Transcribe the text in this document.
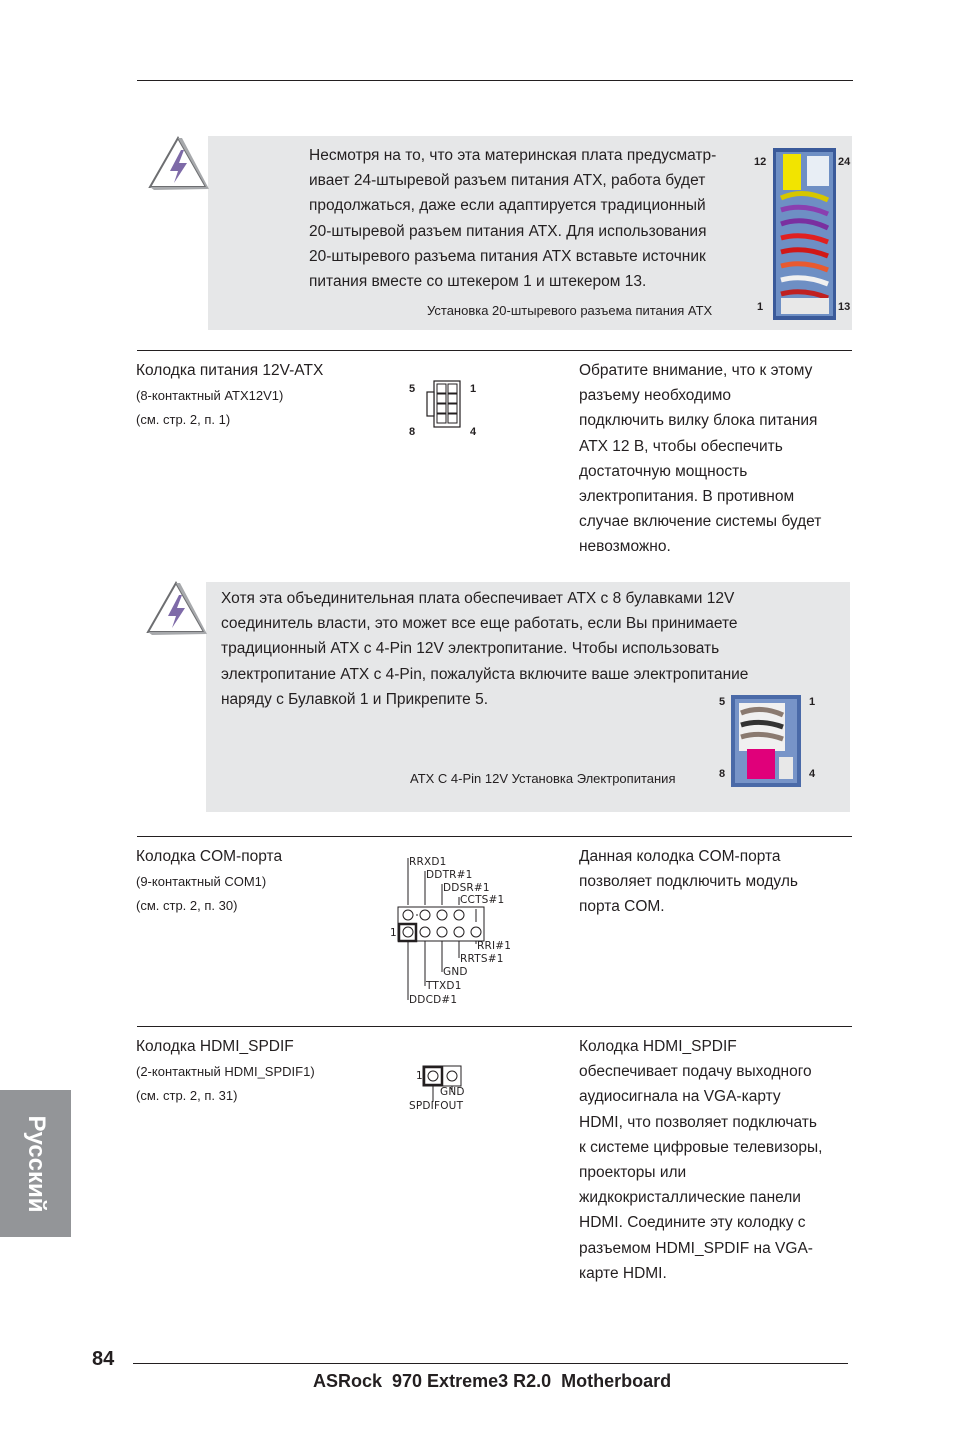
Несмотря на то, что эта материнская плата предусматр-

ивает 24-штыревой разъем питания ATX, работа будет

продолжаться, даже если адаптируется традиционный

20-штыревой разъем питания ATX. Для использования

20-штыревого разъема питания ATX вставьте источник

питания вместе со штекером 1 и штекером 13.

Установка 20-штыревого разъема питания ATX
12	24
1	13
Колодка питания 12V-ATX
(8-контактный ATX12V1)
(см. стр. 2, п. 1)
5	1
8	4
Обратите внимание, что к этому
разъему необходимо
подключить вилку блока питания
ATX 12 В, чтобы обеспечить
достаточную мощность
электропитания. В противном
случае включение системы будет
невозможно.

Хотя эта объединительная плата обеспечивает ATX с 8 булавками 12V

соединитель власти, это может все еще работать, если Вы принимаете

традиционный ATX с 4-Pin 12V электропитание. Чтобы использовать

электропитание ATX с 4-Pin, пожалуйста включите ваше электропитание

наряду с Булавкой 1 и Прикрепите 5.

ATX C 4-Pin 12V Установка Электропитания
5	1
8	4
Колодка COM-порта
(9-контактный COM1)
(см. стр. 2, п. 30)
RRXD1
DDTR#1
DDSR#1
CCTS#1
1
RRI#1
RRTS#1
GND
TTXD1
DDCD#1
Данная колодка COM-порта
позволяет подключить модуль
порта COM.
Колодка HDMI_SPDIF
(2-контактный HDMI_SPDIF1)
(см. стр. 2, п. 31)
1
GND
SPDIFOUT
Колодка HDMI_SPDIF
обеспечивает подачу выходного
аудиосигнала на VGA-карту
HDMI, что позволяет подключать
к системе цифровые телевизоры,
проекторы или
жидкокристаллические панели
HDMI. Соедините эту колодку с
разъемом HDMI_SPDIF на VGA-
карте HDMI.
Русский
84
ASRock  970 Extreme3 R2.0  Motherboard
